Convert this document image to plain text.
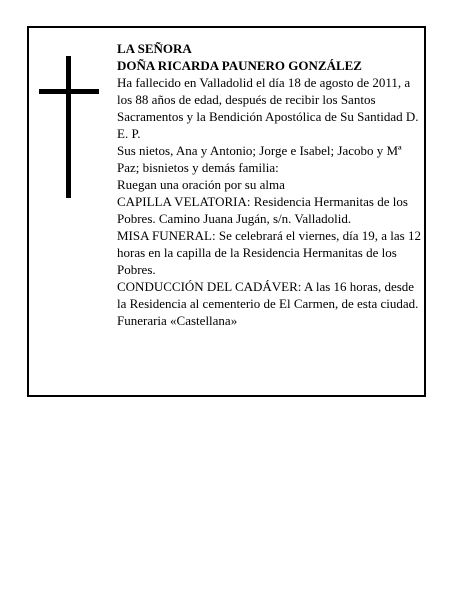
LA SEÑORA

DOÑA RICARDA PAUNERO GONZÁLEZ

Ha fallecido en Valladolid el día 18 de agosto de 2011, a los 88 años de edad, después de recibir los Santos Sacramentos y la Bendición Apostólica de Su Santidad D. E. P.

Sus nietos, Ana y Antonio; Jorge e Isabel; Jacobo y Mª Paz; bisnietos y demás familia:

Ruegan una oración por su alma

CAPILLA VELATORIA: Residencia Hermanitas de los Pobres. Camino Juana Jugán, s/n. Valladolid.

MISA FUNERAL: Se celebrará el viernes, día 19, a las 12 horas en la capilla de la Residencia Hermanitas de los Pobres.

CONDUCCIÓN DEL CADÁVER: A las 16 horas, desde la Residencia al cementerio de El Carmen, de esta ciudad.

Funeraria «Castellana»
